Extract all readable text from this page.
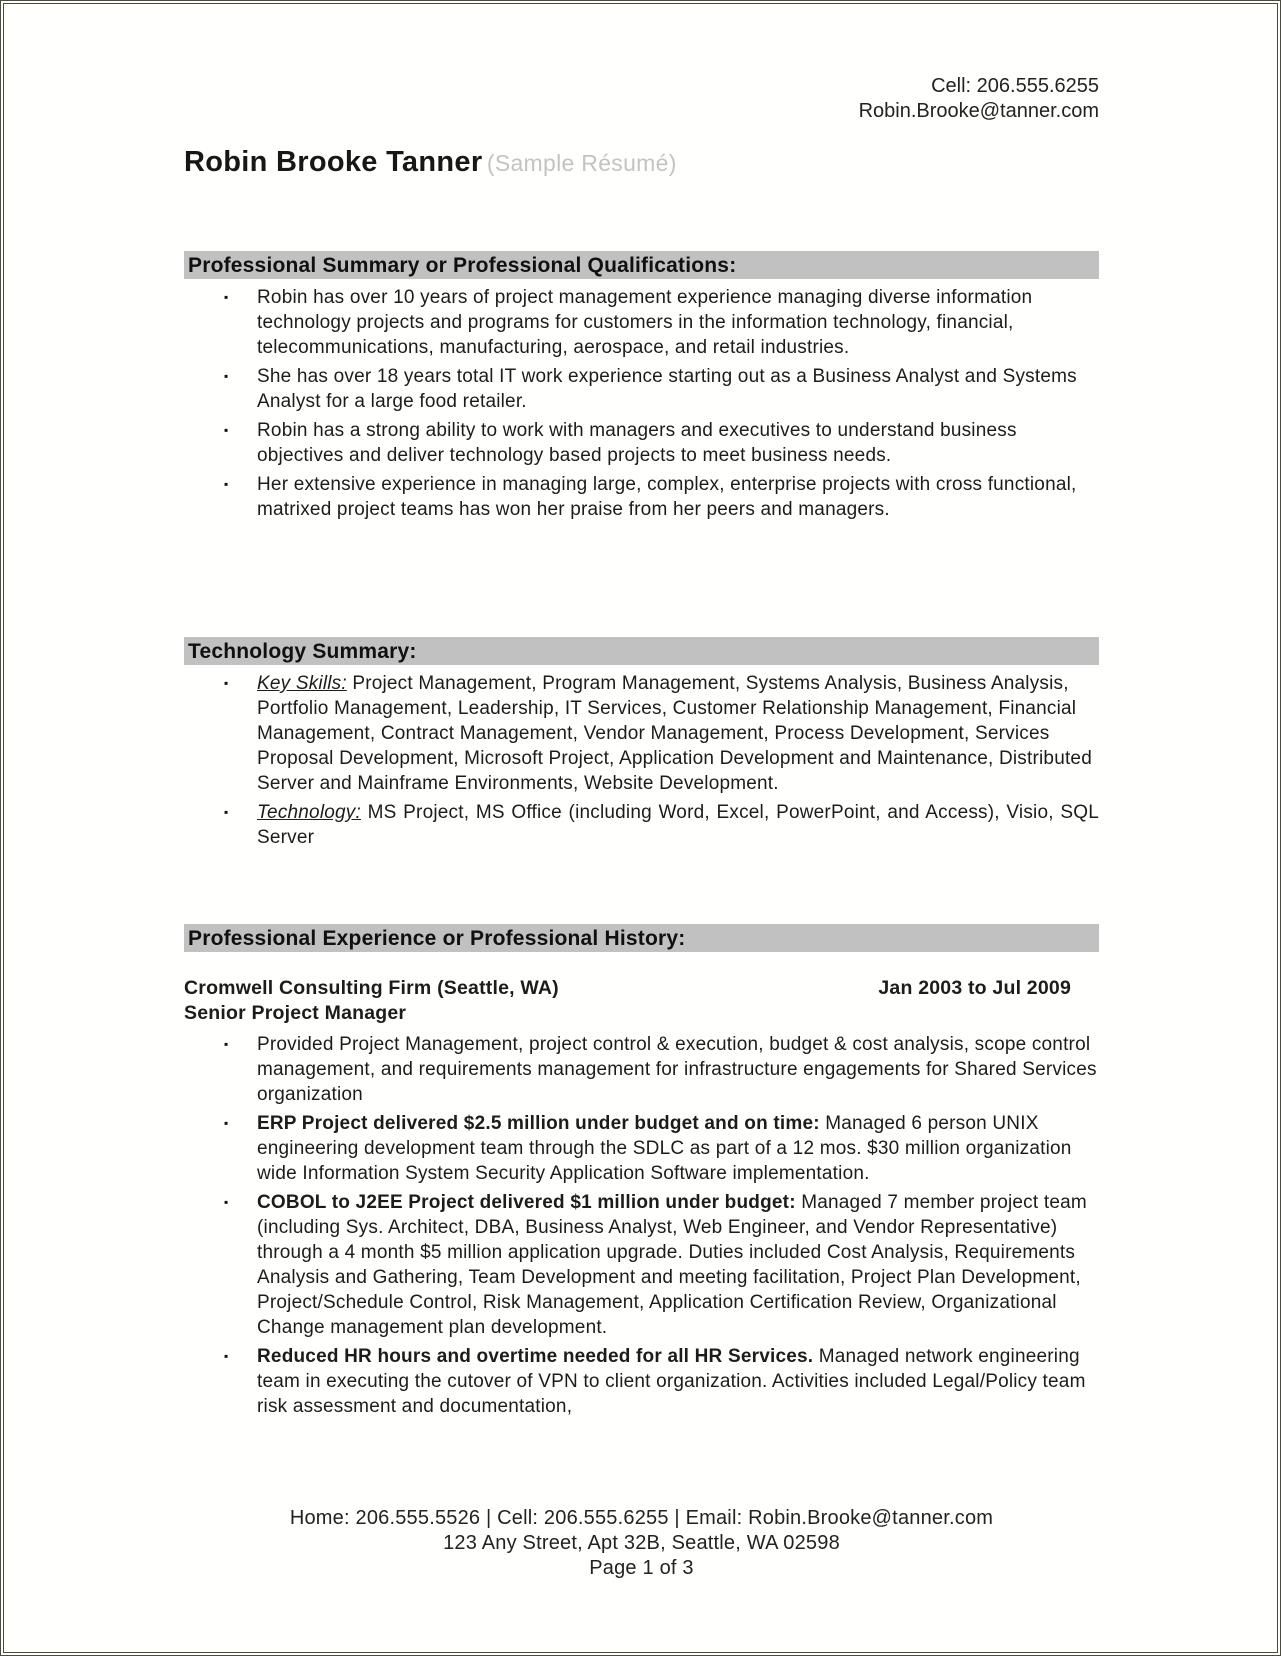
Cell: 206.555.6255
Robin.Brooke@tanner.com
Robin Brooke Tanner (Sample Résumé)
Professional Summary or Professional Qualifications:
▪ Robin has over 10 years of project management experience managing diverse information technology projects and programs for customers in the information technology, financial, telecommunications, manufacturing, aerospace, and retail industries.
▪ She has over 18 years total IT work experience starting out as a Business Analyst and Systems Analyst for a large food retailer.
▪ Robin has a strong ability to work with managers and executives to understand business objectives and deliver technology based projects to meet business needs.
▪ Her extensive experience in managing large, complex, enterprise projects with cross functional, matrixed project teams has won her praise from her peers and managers.
Technology Summary:
▪ Key Skills: Project Management, Program Management, Systems Analysis, Business Analysis, Portfolio Management, Leadership, IT Services, Customer Relationship Management, Financial Management, Contract Management, Vendor Management, Process Development, Services Proposal Development, Microsoft Project, Application Development and Maintenance, Distributed Server and Mainframe Environments, Website Development.
▪ Technology: MS Project, MS Office (including Word, Excel, PowerPoint, and Access), Visio, SQL Server
Professional Experience or Professional History:
Cromwell Consulting Firm (Seattle, WA)	Jan 2003 to Jul 2009
Senior Project Manager
▪ Provided Project Management, project control & execution, budget & cost analysis, scope control management, and requirements management for infrastructure engagements for Shared Services organization
▪ ERP Project delivered $2.5 million under budget and on time: Managed 6 person UNIX engineering development team through the SDLC as part of a 12 mos. $30 million organization wide Information System Security Application Software implementation.
▪ COBOL to J2EE Project delivered $1 million under budget: Managed 7 member project team (including Sys. Architect, DBA, Business Analyst, Web Engineer, and Vendor Representative) through a 4 month $5 million application upgrade. Duties included Cost Analysis, Requirements Analysis and Gathering, Team Development and meeting facilitation, Project Plan Development, Project/Schedule Control, Risk Management, Application Certification Review, Organizational Change management plan development.
▪ Reduced HR hours and overtime needed for all HR Services. Managed network engineering team in executing the cutover of VPN to client organization. Activities included Legal/Policy team risk assessment and documentation,
Home: 206.555.5526 | Cell: 206.555.6255 | Email: Robin.Brooke@tanner.com
123 Any Street, Apt 32B, Seattle, WA 02598
Page 1 of 3
